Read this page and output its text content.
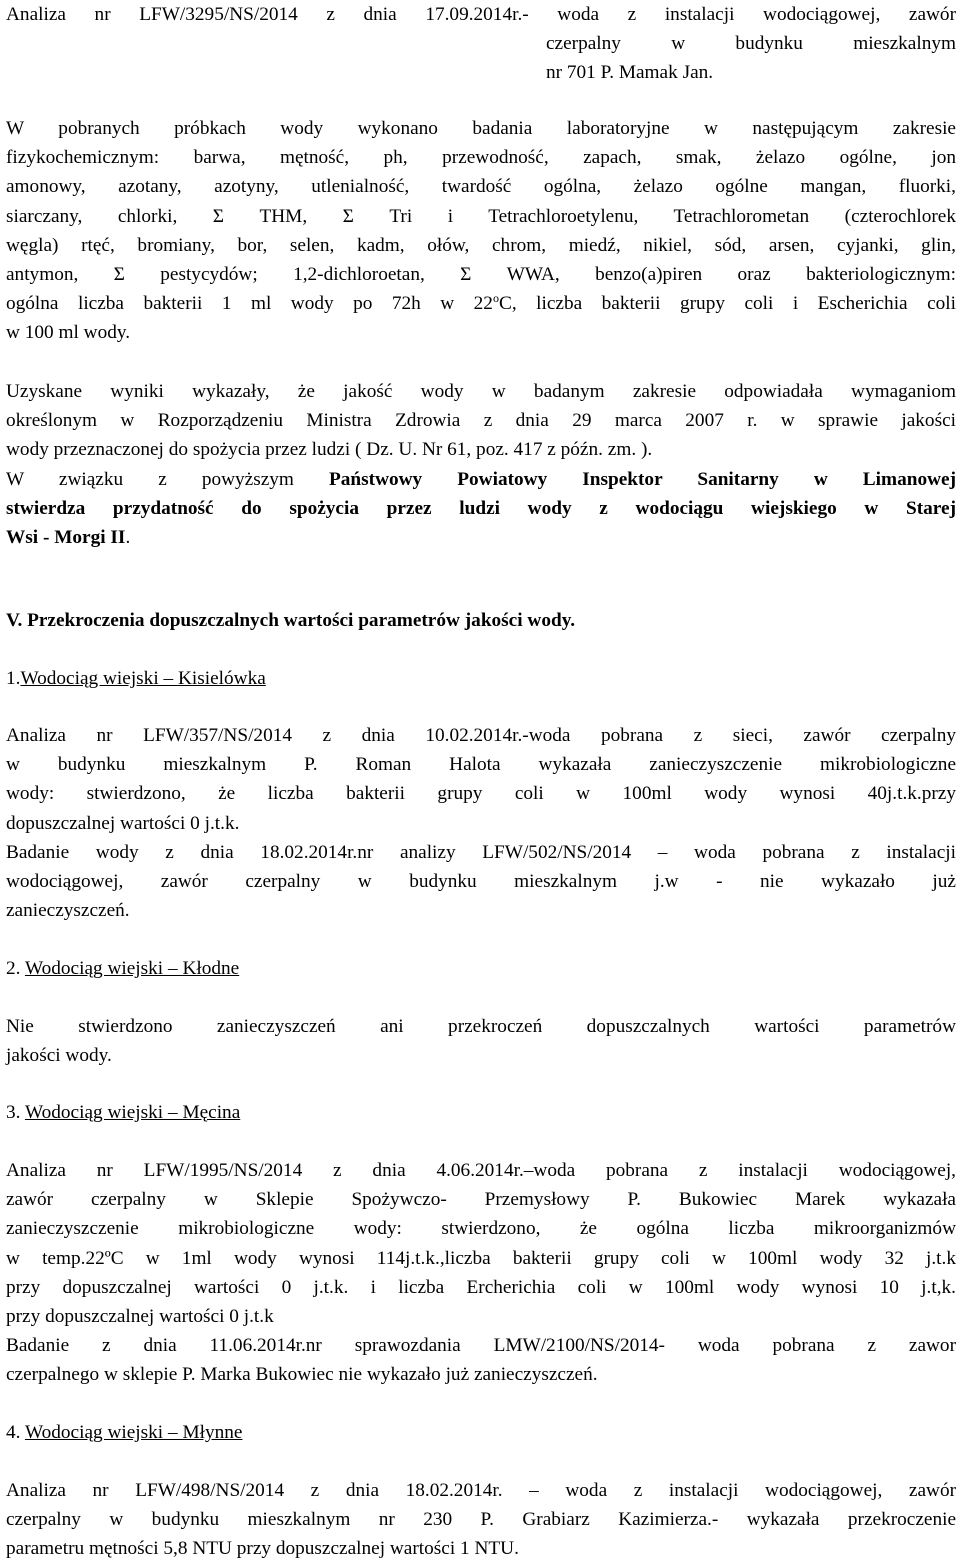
Analiza nr LFW/3295/NS/2014 z dnia 17.09.2014r.- woda z instalacji wodociągowej, zawór
czerpalny w budynku mieszkalnym
nr 701 P. Mamak Jan.
W pobranych próbkach wody wykonano badania laboratoryjne w następującym zakresie
fizykochemicznym: barwa, mętność, ph, przewodność, zapach, smak, żelazo ogólne, jon
amonowy, azotany, azotyny, utlenialność, twardość ogólna, żelazo ogólne mangan, fluorki,
siarczany, chlorki, Σ THM, Σ Tri i Tetrachloroetylenu, Tetrachlorometan (czterochlorek
węgla) rtęć, bromiany, bor, selen, kadm, ołów, chrom, miedź, nikiel, sód, arsen, cyjanki, glin,
antymon, Σ pestycydów; 1,2-dichloroetan, Σ WWA, benzo(a)piren oraz bakteriologicznym:
ogólna liczba bakterii 1 ml wody po 72h w 22$^o$C, liczba bakterii grupy coli i Escherichia coli
w 100 ml wody.
Uzyskane wyniki wykazały, że jakość wody w badanym zakresie odpowiadała wymaganiom
określonym w Rozporządzeniu Ministra Zdrowia z dnia 29 marca 2007 r. w sprawie jakości
wody przeznaczonej do spożycia przez ludzi ( Dz. U. Nr 61, poz. 417 z późn. zm. ).
W związku z powyższym Państwowy Powiatowy Inspektor Sanitarny w Limanowej
stwierdza przydatność do spożycia przez ludzi wody z wodociągu wiejskiego w Starej
Wsi - Morgi II.
V. Przekroczenia dopuszczalnych wartości parametrów jakości wody.
1.Wodociąg wiejski – Kisielówka
Analiza nr LFW/357/NS/2014 z dnia 10.02.2014r.-woda pobrana z sieci, zawór czerpalny
w budynku mieszkalnym P. Roman Halota wykazała zanieczyszczenie mikrobiologiczne
wody: stwierdzono, że liczba bakterii grupy coli w 100ml wody wynosi 40j.t.k.przy
dopuszczalnej wartości 0 j.t.k.
Badanie wody z dnia 18.02.2014r.nr analizy LFW/502/NS/2014 – woda pobrana z instalacji
wodociągowej, zawór czerpalny w budynku mieszkalnym j.w - nie wykazało już
zanieczyszczeń.
2. Wodociąg wiejski – Kłodne
Nie stwierdzono zanieczyszczeń ani przekroczeń dopuszczalnych wartości parametrów
jakości wody.
3. Wodociąg wiejski – Męcina
Analiza nr LFW/1995/NS/2014 z dnia 4.06.2014r.–woda pobrana z instalacji wodociągowej,
zawór czerpalny w Sklepie Spożywczo- Przemysłowy P. Bukowiec Marek wykazała
zanieczyszczenie mikrobiologiczne wody: stwierdzono, że ogólna liczba mikroorganizmów
w temp.22ºC w 1ml wody wynosi 114j.t.k.,liczba bakterii grupy coli w 100ml wody 32 j.t.k
przy dopuszczalnej wartości 0 j.t.k. i liczba Ercherichia coli w 100ml wody wynosi 10 j.t,k.
przy dopuszczalnej wartości 0 j.t.k
Badanie z dnia 11.06.2014r.nr sprawozdania LMW/2100/NS/2014- woda pobrana z zawor
czerpalnego w sklepie P. Marka Bukowiec nie wykazało już zanieczyszczeń.
4. Wodociąg wiejski – Młynne
Analiza nr LFW/498/NS/2014 z dnia 18.02.2014r. – woda z instalacji wodociągowej, zawór
czerpalny w budynku mieszkalnym nr 230 P. Grabiarz Kazimierza.- wykazała przekroczenie
parametru mętności 5,8 NTU przy dopuszczalnej wartości 1 NTU.
